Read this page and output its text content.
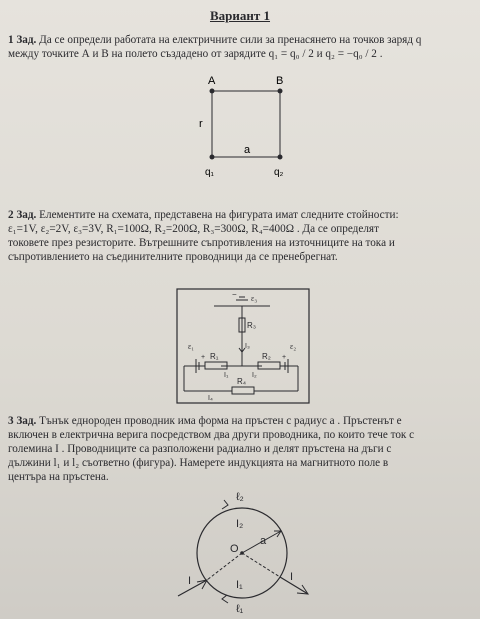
Вариант 1
1 Зад. Да се определи работата на електричните сили за пренасянето на точков заряд q
между точките А и В на полето създадено от зарядите q₁ = q₀ / 2 и q₂ = −q₀ / 2 .
A	B
r
a
q₁	q₂
ε₃
−
R₃
I₃
ε₁
+ R₁
I₁	I₂
R₂ +
ε₂
R₄
I₄
ℓ₂
I₂
O
a
I₁
ℓ₁
I	I
2 Зад. Елементите на схемата, представена на фигурата имат следните стойности:
ε₁=1V, ε₂=2V, ε₃=3V, R₁=100Ω, R₂=200Ω, R₃=300Ω, R₄=400Ω . Да се определят
токовете през резисторите. Вътрешните съпротивления на източниците на тока и
съпротивлението на съединителните проводници да се пренебрегнат.
3 Зад. Тънък еднороден проводник има форма на пръстен с радиус a . Пръстенът е
включен в електрична верига посредством два други проводника, по които тече ток с
големина I . Проводниците са разположени радиално и делят пръстена на дъги с
дължини l₁ и l₂ съответно (фигура). Намерете индукцията на магнитното поле в
центъра на пръстена.
